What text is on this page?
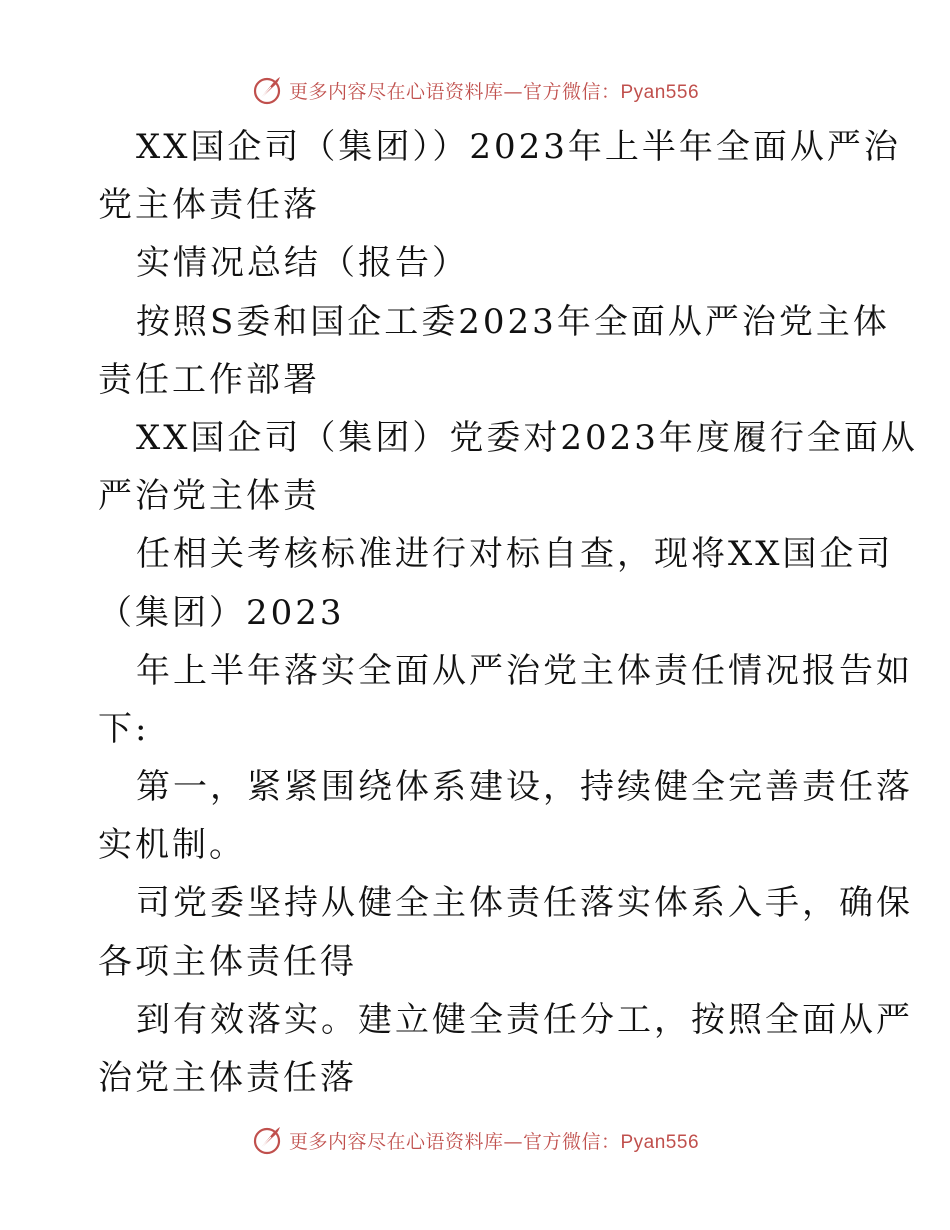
更多内容尽在心语资料库—官方微信：Pyan556
XX国企司（集团））2023年上半年全面从严治
党主体责任落
实情况总结（报告）
按照S委和国企工委2023年全面从严治党主体
责任工作部署
XX国企司（集团）党委对2023年度履行全面从
严治党主体责
任相关考核标准进行对标自查，现将XX国企司
（集团）2023
年上半年落实全面从严治党主体责任情况报告如
下:
第一，紧紧围绕体系建设，持续健全完善责任落
实机制。
司党委坚持从健全主体责任落实体系入手，确保
各项主体责任得
到有效落实。建立健全责任分工，按照全面从严
治党主体责任落
更多内容尽在心语资料库—官方微信：Pyan556
